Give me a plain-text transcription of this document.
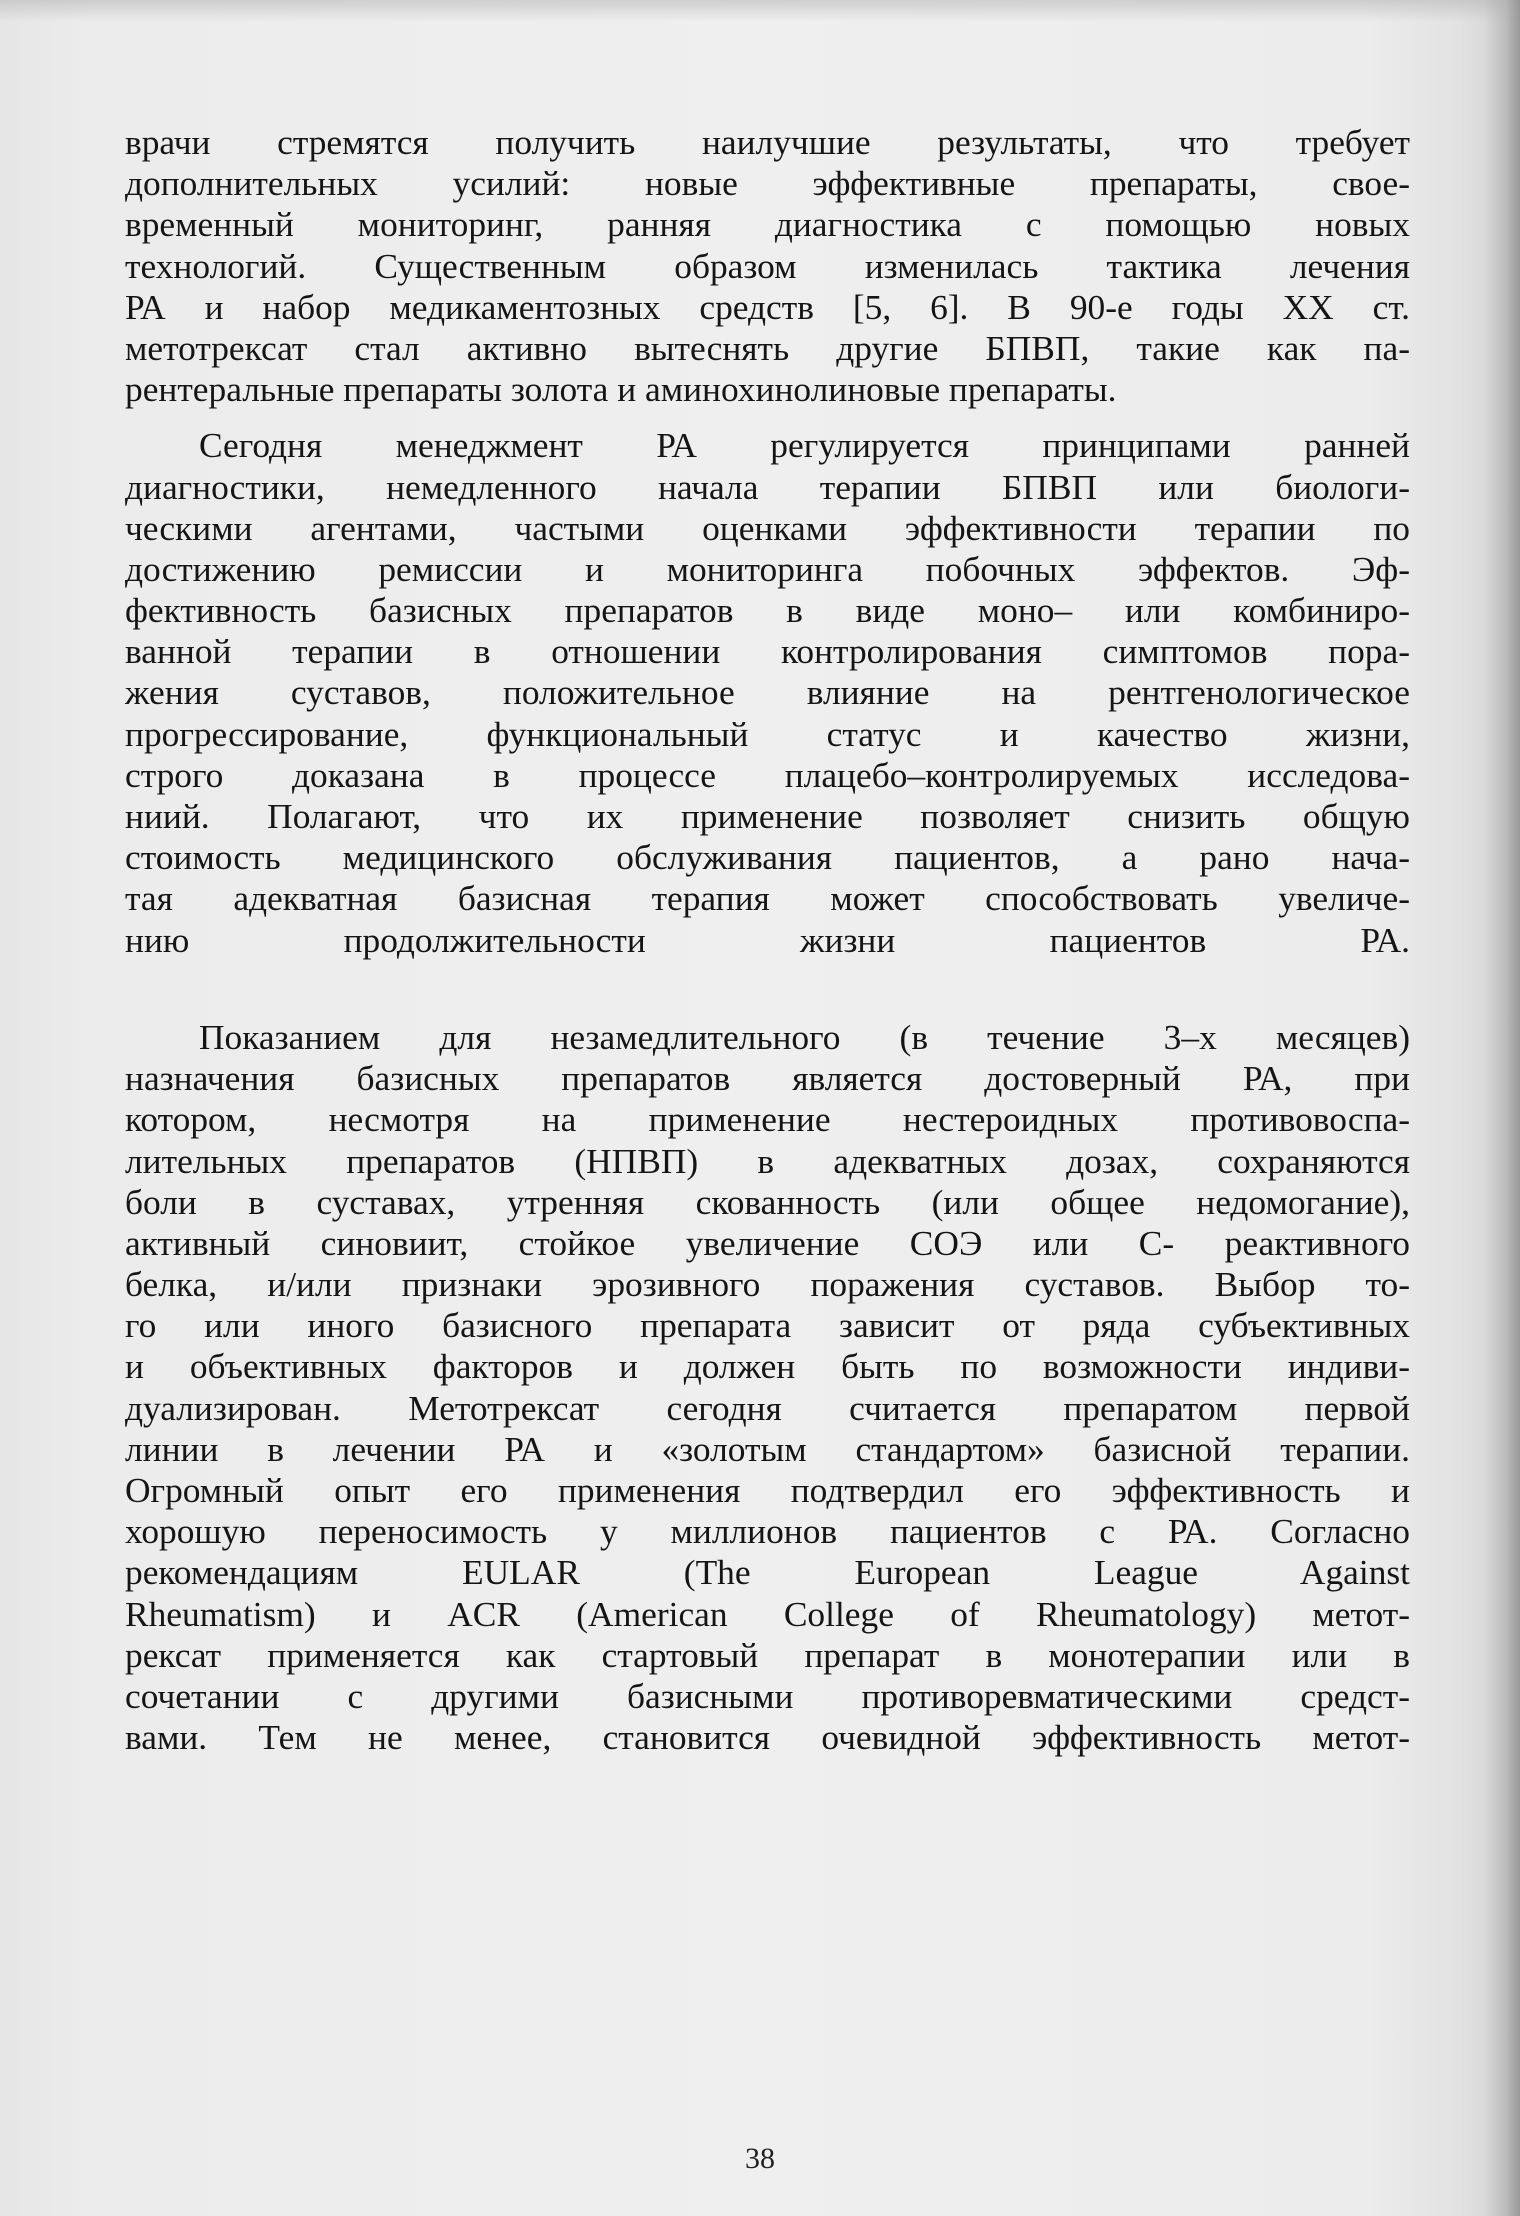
врачи стремятся получить наилучшие результаты, что требует
дополнительных усилий: новые эффективные препараты, свое-
временный мониторинг, ранняя диагностика с помощью новых
технологий. Существенным образом изменилась тактика лечения
РА и набор медикаментозных средств [5, 6]. В 90-е годы XX ст.
метотрексат стал активно вытеснять другие БПВП, такие как па-
рентеральные препараты золота и аминохинолиновые препараты.

Сегодня менеджмент РА регулируется принципами ранней
диагностики, немедленного начала терапии БПВП или биологи-
ческими агентами, частыми оценками эффективности терапии по
достижению ремиссии и мониторинга побочных эффектов. Эф-
фективность базисных препаратов в виде моно– или комбиниро-
ванной терапии в отношении контролирования симптомов пора-
жения суставов, положительное влияние на рентгенологическое
прогрессирование, функциональный статус и качество жизни,
строго доказана в процессе плацебо–контролируемых исследова-
ниий. Полагают, что их применение позволяет снизить общую
стоимость медицинского обслуживания пациентов, а рано нача-
тая адекватная базисная терапия может способствовать увеличе-
нию продолжительности жизни пациентов РА.

Показанием для незамедлительного (в течение 3–х месяцев)
назначения базисных препаратов является достоверный РА, при
котором, несмотря на применение нестероидных противовоспа-
лительных препаратов (НПВП) в адекватных дозах, сохраняются
боли в суставах, утренняя скованность (или общее недомогание),
активный синовиит, стойкое увеличение СОЭ или С- реактивного
белка, и/или признаки эрозивного поражения суставов. Выбор то-
го или иного базисного препарата зависит от ряда субъективных
и объективных факторов и должен быть по возможности индиви-
дуализирован. Метотрексат сегодня считается препаратом первой
линии в лечении РА и «золотым стандартом» базисной терапии.
Огромный опыт его применения подтвердил его эффективность и
хорошую переносимость у миллионов пациентов с РА. Согласно
рекомендациям EULAR (The European League Against
Rheumatism) и ACR (American College of Rheumatology) метот-
рексат применяется как стартовый препарат в монотерапии или в
сочетании с другими базисными противоревматическими средст-
вами. Тем не менее, становится очевидной эффективность метот-

38
